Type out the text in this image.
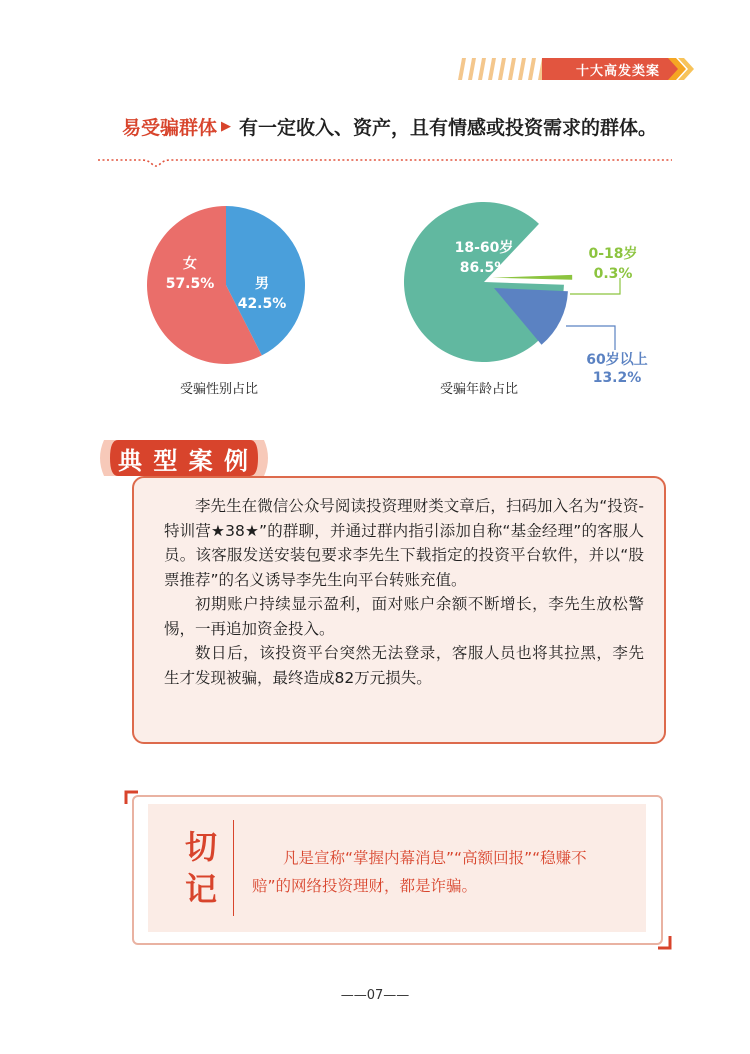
十大高发类案
易受骗群体 ▶ 有一定收入、资产，且有情感或投资需求的群体。
女
57.5%	男
42.5%
18-60岁
86.5%
0-18岁
0.3%
60岁以上
13.2%
受骗性别占比	受骗年龄占比
典 型 案 例

李先生在微信公众号阅读投资理财类文章后，扫码加入名为“投资-特训营★38★”的群聊，并通过群内指引添加自称“基金经理”的客服人员。该客服发送安装包要求李先生下载指定的投资平台软件，并以“股票推荐”的名义诱导李先生向平台转账充值。

初期账户持续显示盈利，面对账户余额不断增长，李先生放松警惕，一再追加资金投入。

数日后，该投资平台突然无法登录，客服人员也将其拉黑，李先生才发现被骗，最终造成82万元损失。

切
记
凡是宣称“掌握内幕消息”“高额回报”“稳赚不赔”的网络投资理财，都是诈骗。
——07——
